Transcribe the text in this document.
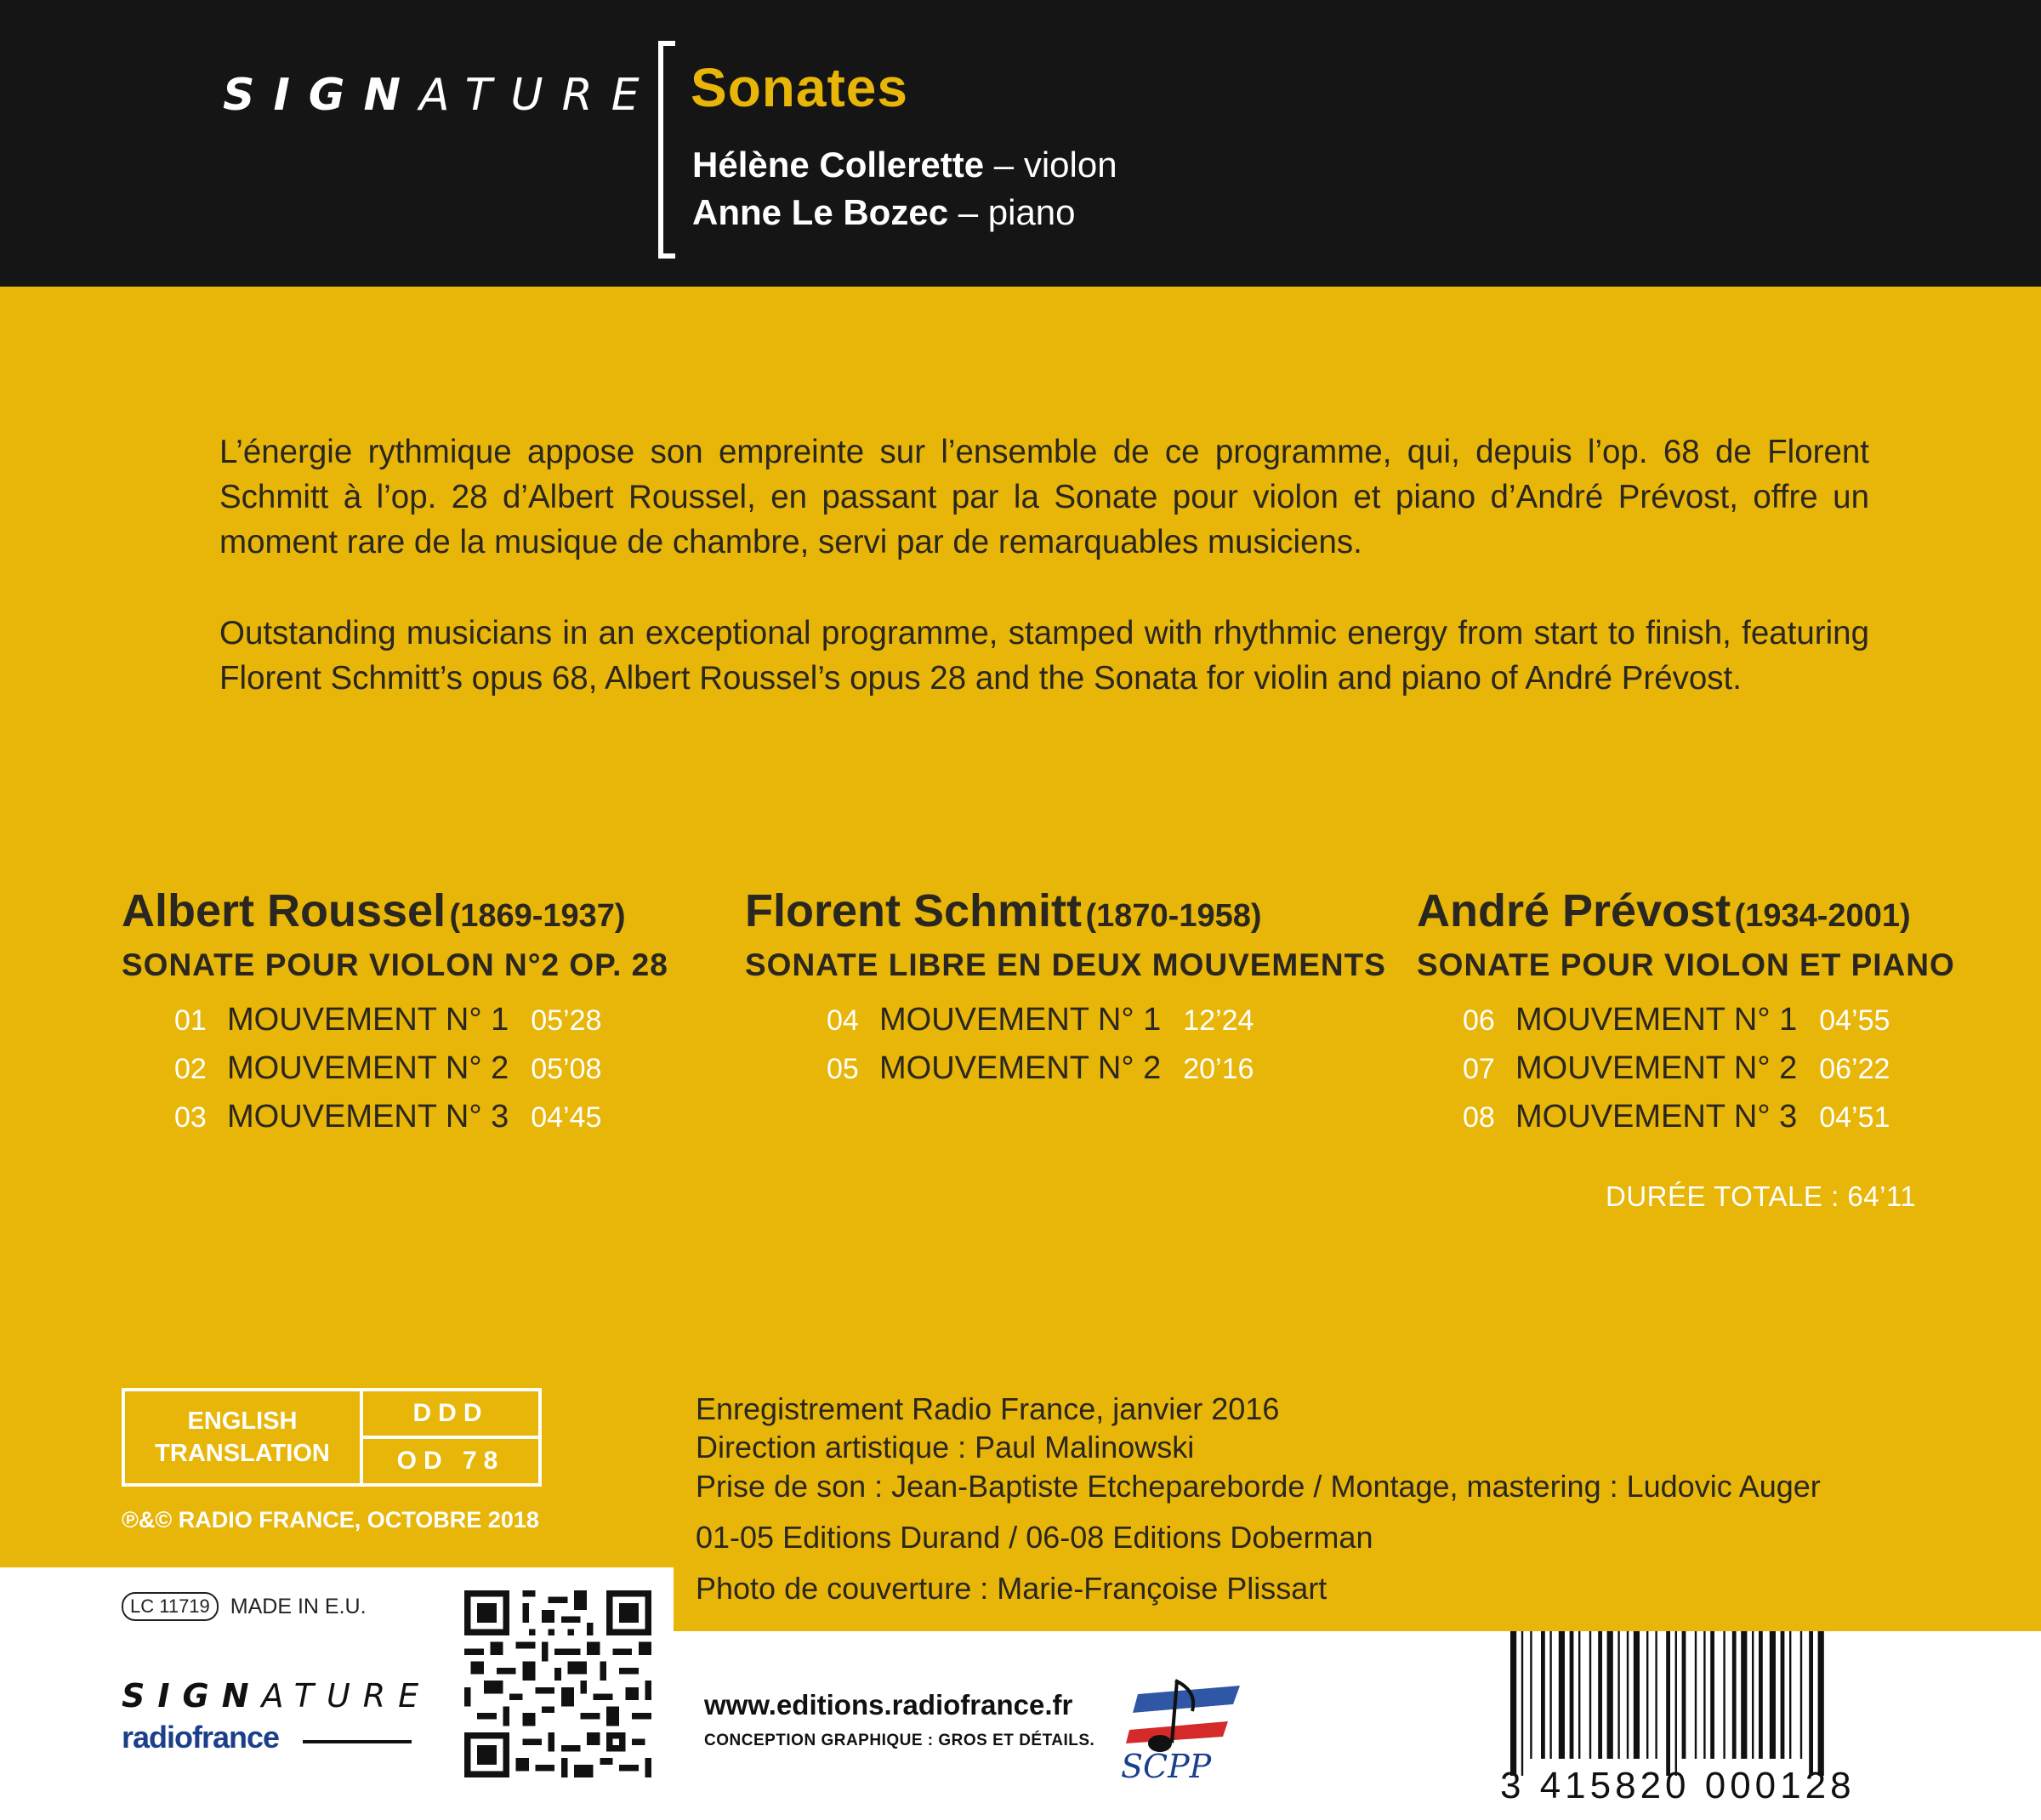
SIGNATURE Sonates
Hélène Collerette – violon
Anne Le Bozec – piano

L’énergie rythmique appose son empreinte sur l’ensemble de ce programme, qui, depuis l’op. 68 de Florent Schmitt à l’op. 28 d’Albert Roussel, en passant par la Sonate pour violon et piano d’André Prévost, offre un moment rare de la musique de chambre, servi par de remarquables musiciens.

Outstanding musicians in an exceptional programme, stamped with rhythmic energy from start to finish, featuring Florent Schmitt’s opus 68, Albert Roussel’s opus 28 and the Sonata for violin and piano of André Prévost.

Albert Roussel (1869-1937)
SONATE POUR VIOLON N°2 OP. 28
01 MOUVEMENT N° 1 05’28
02 MOUVEMENT N° 2 05’08
03 MOUVEMENT N° 3 04’45
Florent Schmitt (1870-1958)
SONATE LIBRE EN DEUX MOUVEMENTS
04 MOUVEMENT N° 1 12’24
05 MOUVEMENT N° 2 20’16
André Prévost (1934-2001)
SONATE POUR VIOLON ET PIANO
06 MOUVEMENT N° 1 04’55
07 MOUVEMENT N° 2 06’22
08 MOUVEMENT N° 3 04’51
DURÉE TOTALE : 64’11
ENGLISH
TRANSLATION
DDD
OD 78
℗&© RADIO FRANCE, OCTOBRE 2018
Enregistrement Radio France, janvier 2016
Direction artistique : Paul Malinowski
Prise de son : Jean-Baptiste Etchepareborde / Montage, mastering : Ludovic Auger
01-05 Editions Durand / 06-08 Editions Doberman
Photo de couverture : Marie-Françoise Plissart
LC 11719 MADE IN E.U.
SIGNATURE
radiofrance
www.editions.radiofrance.fr
CONCEPTION GRAPHIQUE : GROS ET DÉTAILS.
SCPP	3 415820 000128
